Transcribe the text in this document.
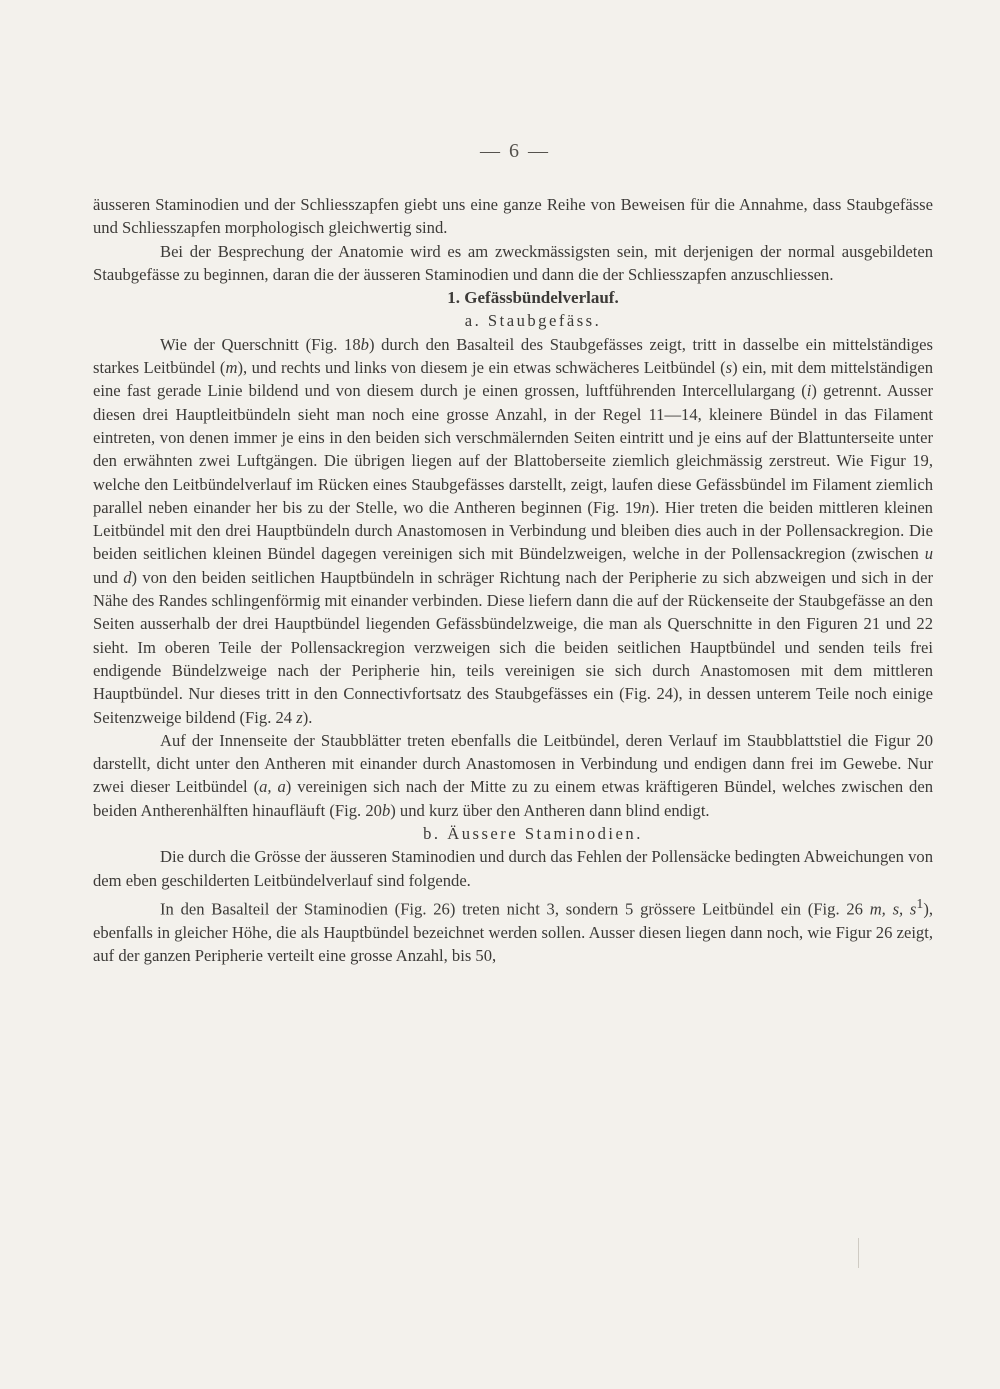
— 6 —

äusseren Staminodien und der Schliesszapfen giebt uns eine ganze Reihe von Beweisen für die Annahme, dass Staubgefässe und Schliesszapfen morphologisch gleichwertig sind.

Bei der Besprechung der Anatomie wird es am zweckmässigsten sein, mit derjenigen der normal ausgebildeten Staubgefässe zu beginnen, daran die der äusseren Staminodien und dann die der Schliesszapfen anzuschliessen.

1. Gefässbündelverlauf.

a. Staubgefäss.

Wie der Querschnitt (Fig. 18b) durch den Basalteil des Staubgefässes zeigt, tritt in dasselbe ein mittelständiges starkes Leitbündel (m), und rechts und links von diesem je ein etwas schwächeres Leitbündel (s) ein, mit dem mittelständigen eine fast gerade Linie bildend und von diesem durch je einen grossen, luftführenden Intercellulargang (i) getrennt. Ausser diesen drei Hauptleitbündeln sieht man noch eine grosse Anzahl, in der Regel 11—14, kleinere Bündel in das Filament eintreten, von denen immer je eins in den beiden sich verschmälernden Seiten eintritt und je eins auf der Blattunterseite unter den erwähnten zwei Luftgängen. Die übrigen liegen auf der Blattoberseite ziemlich gleichmässig zerstreut. Wie Figur 19, welche den Leitbündelverlauf im Rücken eines Staubgefässes darstellt, zeigt, laufen diese Gefässbündel im Filament ziemlich parallel neben einander her bis zu der Stelle, wo die Antheren beginnen (Fig. 19n). Hier treten die beiden mittleren kleinen Leitbündel mit den drei Hauptbündeln durch Anastomosen in Verbindung und bleiben dies auch in der Pollensackregion. Die beiden seitlichen kleinen Bündel dagegen vereinigen sich mit Bündelzweigen, welche in der Pollensackregion (zwischen u und d) von den beiden seitlichen Hauptbündeln in schräger Richtung nach der Peripherie zu sich abzweigen und sich in der Nähe des Randes schlingenförmig mit einander verbinden. Diese liefern dann die auf der Rückenseite der Staubgefässe an den Seiten ausserhalb der drei Hauptbündel liegenden Gefässbündelzweige, die man als Querschnitte in den Figuren 21 und 22 sieht. Im oberen Teile der Pollensackregion verzweigen sich die beiden seitlichen Hauptbündel und senden teils frei endigende Bündelzweige nach der Peripherie hin, teils vereinigen sie sich durch Anastomosen mit dem mittleren Hauptbündel. Nur dieses tritt in den Connectivfortsatz des Staubgefässes ein (Fig. 24), in dessen unterem Teile noch einige Seitenzweige bildend (Fig. 24 z).

Auf der Innenseite der Staubblätter treten ebenfalls die Leitbündel, deren Verlauf im Staubblattstiel die Figur 20 darstellt, dicht unter den Antheren mit einander durch Anastomosen in Verbindung und endigen dann frei im Gewebe. Nur zwei dieser Leitbündel (a, a) vereinigen sich nach der Mitte zu zu einem etwas kräftigeren Bündel, welches zwischen den beiden Antherenhälften hinaufläuft (Fig. 20b) und kurz über den Antheren dann blind endigt.

b. Äussere Staminodien.

Die durch die Grösse der äusseren Staminodien und durch das Fehlen der Pollensäcke bedingten Abweichungen von dem eben geschilderten Leitbündelverlauf sind folgende.

In den Basalteil der Staminodien (Fig. 26) treten nicht 3, sondern 5 grössere Leitbündel ein (Fig. 26 m, s, $s^1$), ebenfalls in gleicher Höhe, die als Hauptbündel bezeichnet werden sollen. Ausser diesen liegen dann noch, wie Figur 26 zeigt, auf der ganzen Peripherie verteilt eine grosse Anzahl, bis 50,
